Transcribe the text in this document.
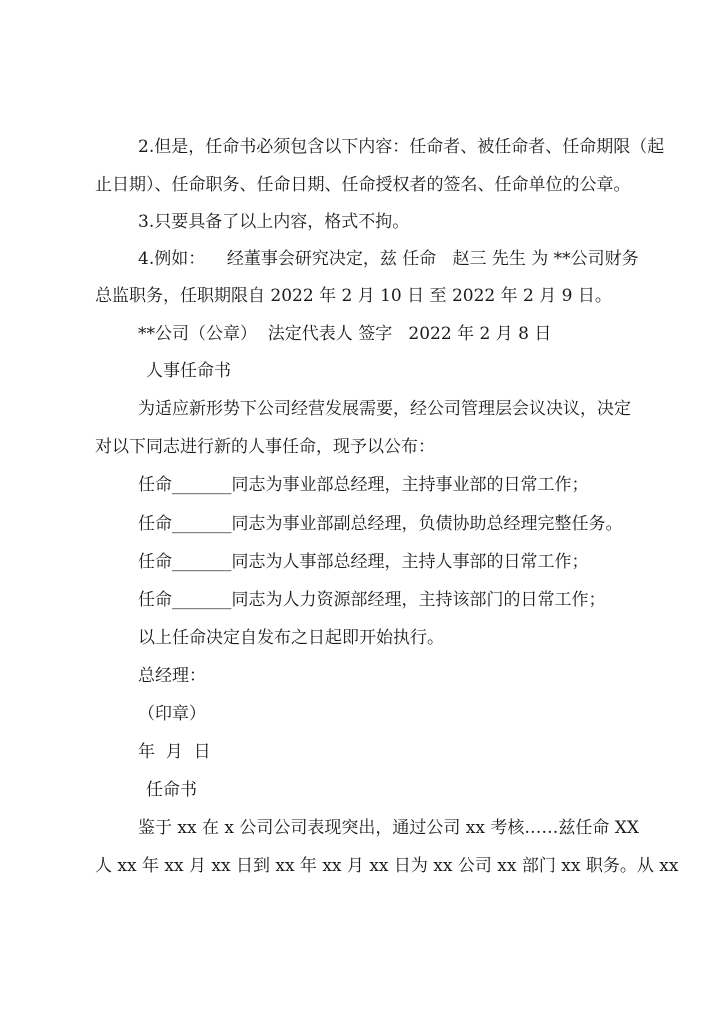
2.但是，任命书必须包含以下内容：任命者、被任命者、任命期限（起
止日期）、任命职务、任命日期、任命授权者的签名、任命单位的公章。
3.只要具备了以上内容，格式不拘。
4.例如：    经董事会研究决定，兹 任命   赵三 先生 为 **公司财务
总监职务，任职期限自 2022 年 2 月 10 日 至 2022 年 2 月 9 日。
**公司（公章）  法定代表人 签字   2022 年 2 月 8 日
人事任命书
为适应新形势下公司经营发展需要，经公司管理层会议决议，决定
对以下同志进行新的人事任命，现予以公布：
任命_______同志为事业部总经理，主持事业部的日常工作；
任命_______同志为事业部副总经理，负债协助总经理完整任务。
任命_______同志为人事部总经理，主持人事部的日常工作；
任命_______同志为人力资源部经理，主持该部门的日常工作；
以上任命决定自发布之日起即开始执行。
总经理：
（印章）
年  月  日
任命书
鉴于 xx 在 x 公司公司表现突出，通过公司 xx 考核……兹任命 XX
人 xx 年 xx 月 xx 日到 xx 年 xx 月 xx 日为 xx 公司 xx 部门 xx 职务。从 xx
